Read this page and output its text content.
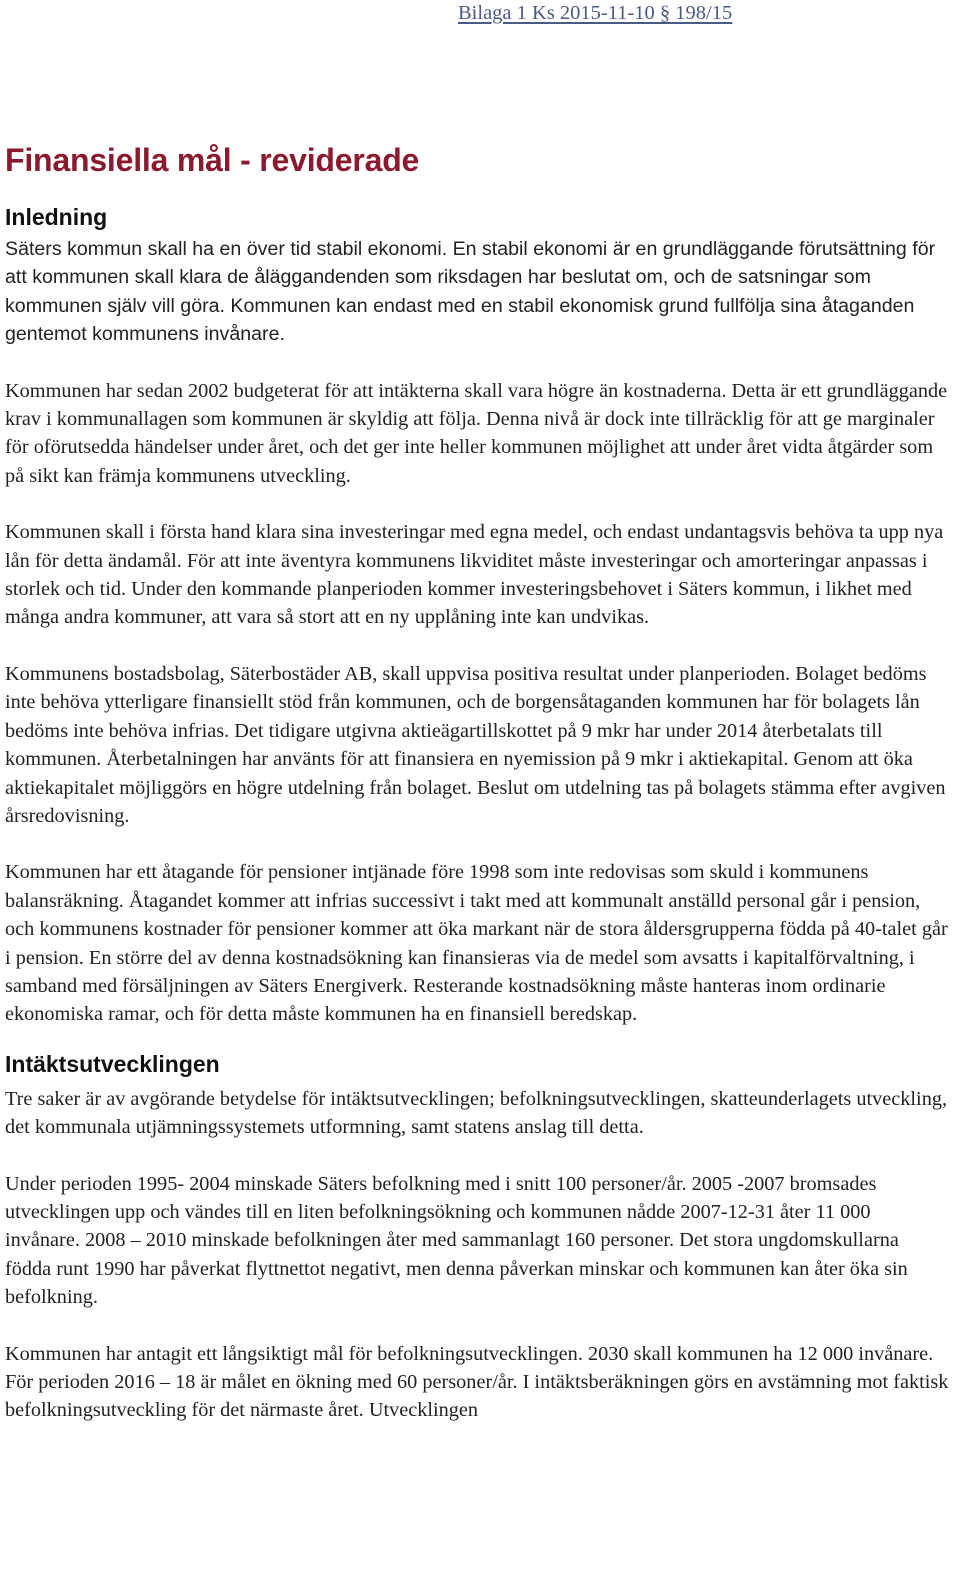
Bilaga 1 Ks 2015-11-10 § 198/15
Finansiella mål - reviderade
Inledning

Säters kommun skall ha en över tid stabil ekonomi. En stabil ekonomi är en grundläggande förutsättning för att kommunen skall klara de åläggandenden som riksdagen har beslutat om, och de satsningar som kommunen själv vill göra. Kommunen kan endast med en stabil ekonomisk grund fullfölja sina åtaganden gentemot kommunens invånare.

Kommunen har sedan 2002 budgeterat för att intäkterna skall vara högre än kostnaderna. Detta är ett grundläggande krav i kommunallagen som kommunen är skyldig att följa. Denna nivå är dock inte tillräcklig för att ge marginaler för oförutsedda händelser under året, och det ger inte heller kommunen möjlighet att under året vidta åtgärder som på sikt kan främja kommunens utveckling.

Kommunen skall i första hand klara sina investeringar med egna medel, och endast undantagsvis behöva ta upp nya lån för detta ändamål. För att inte äventyra kommunens likviditet måste investeringar och amorteringar anpassas i storlek och tid. Under den kommande planperioden kommer investeringsbehovet i Säters kommun, i likhet med många andra kommuner, att vara så stort att en ny upplåning inte kan undvikas.

Kommunens bostadsbolag, Säterbostäder AB, skall uppvisa positiva resultat under planperioden. Bolaget bedöms inte behöva ytterligare finansiellt stöd från kommunen, och de borgensåtaganden kommunen har för bolagets lån bedöms inte behöva infrias. Det tidigare utgivna aktieägartillskottet på 9 mkr har under 2014 återbetalats till kommunen. Återbetalningen har använts för att finansiera en nyemission på 9 mkr i aktiekapital. Genom att öka aktiekapitalet möjliggörs en högre utdelning från bolaget. Beslut om utdelning tas på bolagets stämma efter avgiven årsredovisning.

Kommunen har ett åtagande för pensioner intjänade före 1998 som inte redovisas som skuld i kommunens balansräkning. Åtagandet kommer att infrias successivt i takt med att kommunalt anställd personal går i pension, och kommunens kostnader för pensioner kommer att öka markant när de stora åldersgrupperna födda på 40-talet går i pension. En större del av denna kostnadsökning kan finansieras via de medel som avsatts i kapitalförvaltning, i samband med försäljningen av Säters Energiverk. Resterande kostnadsökning måste hanteras inom ordinarie ekonomiska ramar, och för detta måste kommunen ha en finansiell beredskap.

Intäktsutvecklingen

Tre saker är av avgörande betydelse för intäktsutvecklingen; befolkningsutvecklingen, skatteunderlagets utveckling, det kommunala utjämningssystemets utformning, samt statens anslag till detta.

Under perioden 1995- 2004 minskade Säters befolkning med i snitt 100 personer/år. 2005 -2007 bromsades utvecklingen upp och vändes till en liten befolkningsökning och kommunen nådde 2007-12-31 åter 11 000 invånare. 2008 – 2010 minskade befolkningen åter med sammanlagt 160 personer. Det stora ungdomskullarna födda runt 1990 har påverkat flyttnettot negativt, men denna påverkan minskar och kommunen kan åter öka sin befolkning.

Kommunen har antagit ett långsiktigt mål för befolkningsutvecklingen. 2030 skall kommunen ha 12 000 invånare. För perioden 2016 – 18 är målet en ökning med 60 personer/år. I intäktsberäkningen görs en avstämning mot faktisk befolkningsutveckling för det närmaste året. Utvecklingen
